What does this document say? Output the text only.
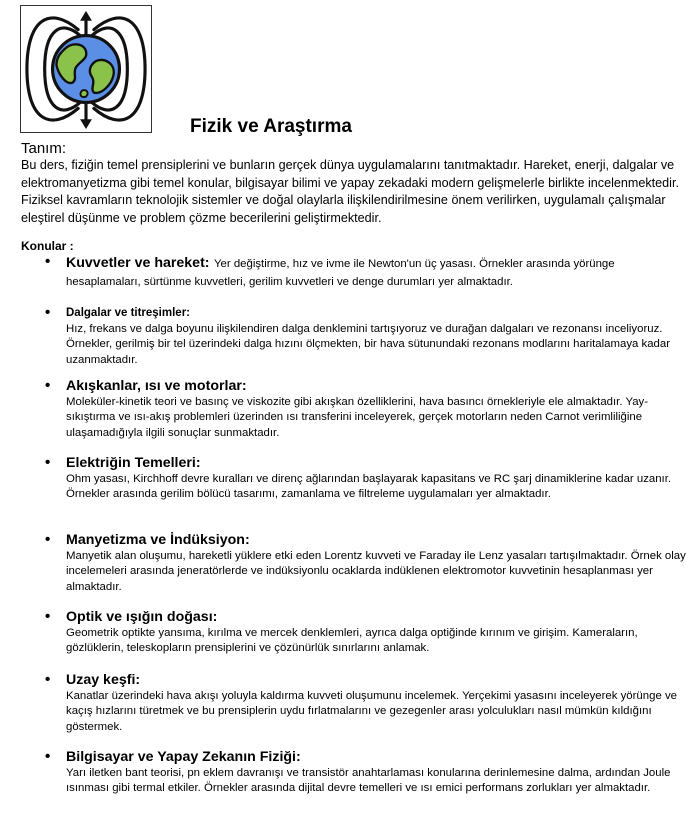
Fizik ve Araştırma
Tanım:
Bu ders, fiziğin temel prensiplerini ve bunların gerçek dünya uygulamalarını tanıtmaktadır. Hareket, enerji, dalgalar ve elektromanyetizma gibi temel konular, bilgisayar bilimi ve yapay zekadaki modern gelişmelerle birlikte incelenmektedir. Fiziksel kavramların teknolojik sistemler ve doğal olaylarla ilişkilendirilmesine önem verilirken, uygulamalı çalışmalar eleştirel düşünme ve problem çözme becerilerini geliştirmektedir.
Konular :
• Kuvvetler ve hareket: Yer değiştirme, hız ve ivme ile Newton'un üç yasası. Örnekler arasında yörünge hesaplamaları, sürtünme kuvvetleri, gerilim kuvvetleri ve denge durumları yer almaktadır.
• Dalgalar ve titreşimler:
Hız, frekans ve dalga boyunu ilişkilendiren dalga denklemini tartışıyoruz ve durağan dalgaları ve rezonansı inceliyoruz. Örnekler, gerilmiş bir tel üzerindeki dalga hızını ölçmekten, bir hava sütunundaki rezonans modlarını haritalamaya kadar uzanmaktadır.
• Akışkanlar, ısı ve motorlar:
Moleküler-kinetik teori ve basınç ve viskozite gibi akışkan özelliklerini, hava basıncı örnekleriyle ele almaktadır. Yay-sıkıştırma ve ısı-akış problemleri üzerinden ısı transferini inceleyerek, gerçek motorların neden Carnot verimliliğine ulaşamadığıyla ilgili sonuçlar sunmaktadır.
• Elektriğin Temelleri:
Ohm yasası, Kirchhoff devre kuralları ve direnç ağlarından başlayarak kapasitans ve RC şarj dinamiklerine kadar uzanır. Örnekler arasında gerilim bölücü tasarımı, zamanlama ve filtreleme uygulamaları yer almaktadır.
• Manyetizma ve İndüksiyon:
Manyetik alan oluşumu, hareketli yüklere etki eden Lorentz kuvveti ve Faraday ile Lenz yasaları tartışılmaktadır. Örnek olay incelemeleri arasında jeneratörlerde ve indüksiyonlu ocaklarda indüklenen elektromotor kuvvetinin hesaplanması yer almaktadır.
• Optik ve ışığın doğası:
Geometrik optikte yansıma, kırılma ve mercek denklemleri, ayrıca dalga optiğinde kırınım ve girişim. Kameraların, gözlüklerin, teleskopların prensiplerini ve çözünürlük sınırlarını anlamak.
• Uzay keşfi:
Kanatlar üzerindeki hava akışı yoluyla kaldırma kuvveti oluşumunu incelemek. Yerçekimi yasasını inceleyerek yörünge ve kaçış hızlarını türetmek ve bu prensiplerin uydu fırlatmalarını ve gezegenler arası yolculukları nasıl mümkün kıldığını göstermek.
• Bilgisayar ve Yapay Zekanın Fiziği:
Yarı iletken bant teorisi, pn eklem davranışı ve transistör anahtarlaması konularına derinlemesine dalma, ardından Joule ısınması gibi termal etkiler. Örnekler arasında dijital devre temelleri ve ısı emici performans zorlukları yer almaktadır.
